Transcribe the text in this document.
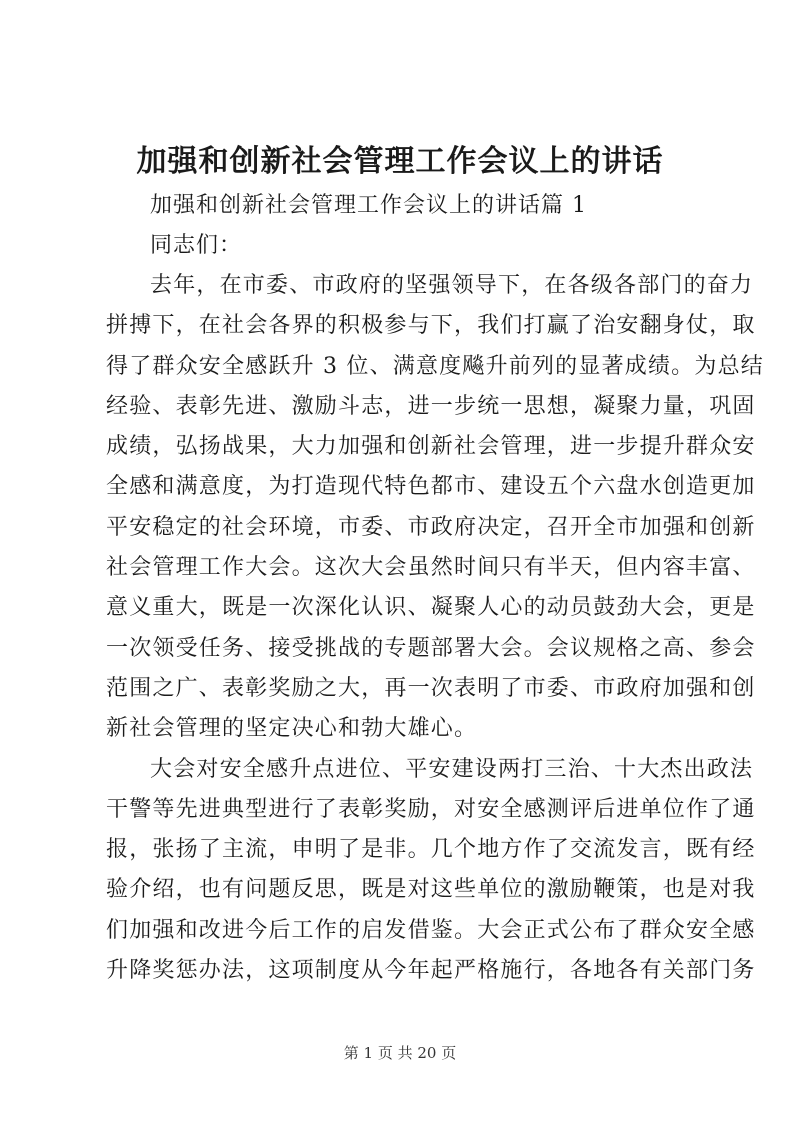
加强和创新社会管理工作会议上的讲话

加强和创新社会管理工作会议上的讲话篇 1

同志们：

去年，在市委、市政府的坚强领导下，在各级各部门的奋力
拼搏下，在社会各界的积极参与下，我们打赢了治安翻身仗，取
得了群众安全感跃升 3 位、满意度飚升前列的显著成绩。为总结
经验、表彰先进、激励斗志，进一步统一思想，凝聚力量，巩固
成绩，弘扬战果，大力加强和创新社会管理，进一步提升群众安
全感和满意度，为打造现代特色都市、建设五个六盘水创造更加
平安稳定的社会环境，市委、市政府决定，召开全市加强和创新
社会管理工作大会。这次大会虽然时间只有半天，但内容丰富、
意义重大，既是一次深化认识、凝聚人心的动员鼓劲大会，更是
一次领受任务、接受挑战的专题部署大会。会议规格之高、参会
范围之广、表彰奖励之大，再一次表明了市委、市政府加强和创
新社会管理的坚定决心和勃大雄心。
大会对安全感升点进位、平安建设两打三治、十大杰出政法
干警等先进典型进行了表彰奖励，对安全感测评后进单位作了通
报，张扬了主流，申明了是非。几个地方作了交流发言，既有经
验介绍，也有问题反思，既是对这些单位的激励鞭策，也是对我
们加强和改进今后工作的启发借鉴。大会正式公布了群众安全感
升降奖惩办法，这项制度从今年起严格施行，各地各有关部门务
第 1 页 共 20 页
